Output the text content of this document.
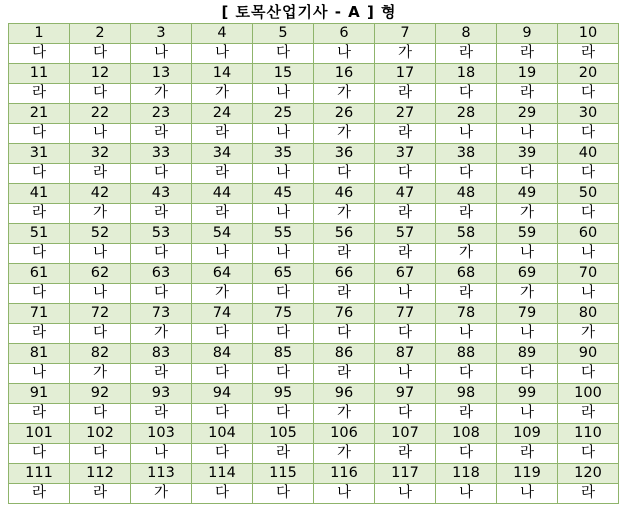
[ 토목산업기사 - A ] 형
1	2	3	4	5	6	7	8	9	10
다	다	나	나	다	나	가	라	라	라
11	12	13	14	15	16	17	18	19	20
라	다	가	가	나	가	라	다	라	다
21	22	23	24	25	26	27	28	29	30
다	나	라	라	나	가	라	나	나	다
31	32	33	34	35	36	37	38	39	40
다	라	다	라	나	다	다	다	다	다
41	42	43	44	45	46	47	48	49	50
라	가	라	라	나	가	라	라	가	다
51	52	53	54	55	56	57	58	59	60
다	나	다	나	나	라	라	가	나	나
61	62	63	64	65	66	67	68	69	70
다	나	다	가	다	라	나	라	가	나
71	72	73	74	75	76	77	78	79	80
라	다	가	다	다	다	다	나	나	가
81	82	83	84	85	86	87	88	89	90
나	가	라	다	다	라	나	다	다	다
91	92	93	94	95	96	97	98	99	100
라	다	라	다	다	가	다	라	나	라
101	102	103	104	105	106	107	108	109	110
다	다	나	다	라	가	라	다	라	다
111	112	113	114	115	116	117	118	119	120
라	라	가	다	다	나	나	나	나	라
